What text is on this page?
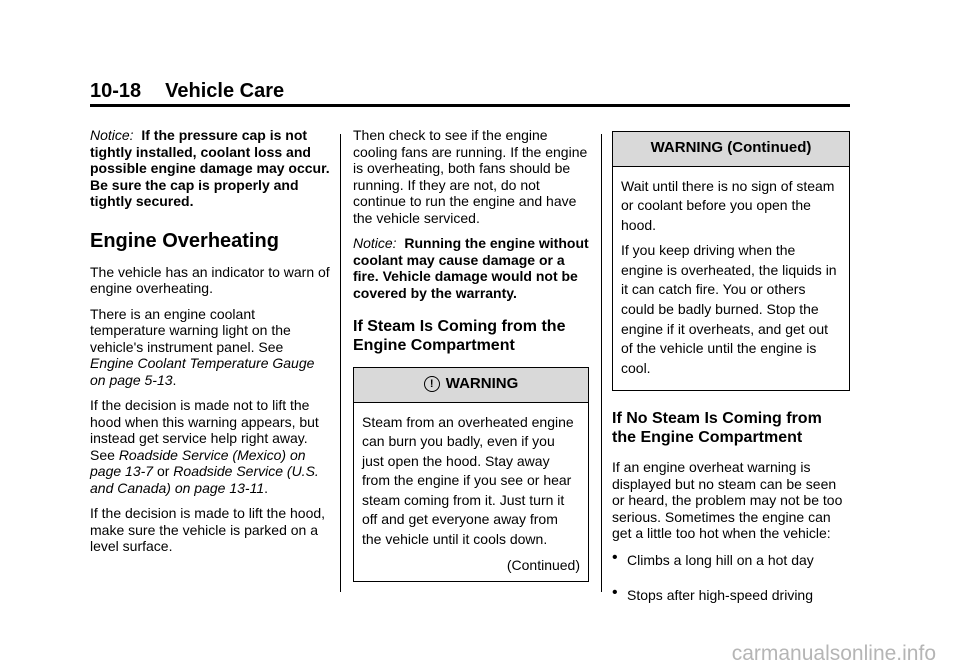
10-18 Vehicle Care

Notice: If the pressure cap is not tightly installed, coolant loss and possible engine damage may occur. Be sure the cap is properly and tightly secured.

Engine Overheating

The vehicle has an indicator to warn of engine overheating.

There is an engine coolant temperature warning light on the vehicle's instrument panel. See Engine Coolant Temperature Gauge on page 5-13.

If the decision is made not to lift the hood when this warning appears, but instead get service help right away. See Roadside Service (Mexico) on page 13-7 or Roadside Service (U.S. and Canada) on page 13-11.

If the decision is made to lift the hood, make sure the vehicle is parked on a level surface.

Then check to see if the engine cooling fans are running. If the engine is overheating, both fans should be running. If they are not, do not continue to run the engine and have the vehicle serviced.

Notice: Running the engine without coolant may cause damage or a fire. Vehicle damage would not be covered by the warranty.

If Steam Is Coming from the Engine Compartment
! WARNING

Steam from an overheated engine can burn you badly, even if you just open the hood. Stay away from the engine if you see or hear steam coming from it. Just turn it off and get everyone away from the vehicle until it cools down.

(Continued)
WARNING (Continued)

Wait until there is no sign of steam or coolant before you open the hood.

If you keep driving when the engine is overheated, the liquids in it can catch fire. You or others could be badly burned. Stop the engine if it overheats, and get out of the vehicle until the engine is cool.

If No Steam Is Coming from the Engine Compartment

If an engine overheat warning is displayed but no steam can be seen or heard, the problem may not be too serious. Sometimes the engine can get a little too hot when the vehicle:

• Climbs a long hill on a hot day
• Stops after high-speed driving
carmanualsonline.info
